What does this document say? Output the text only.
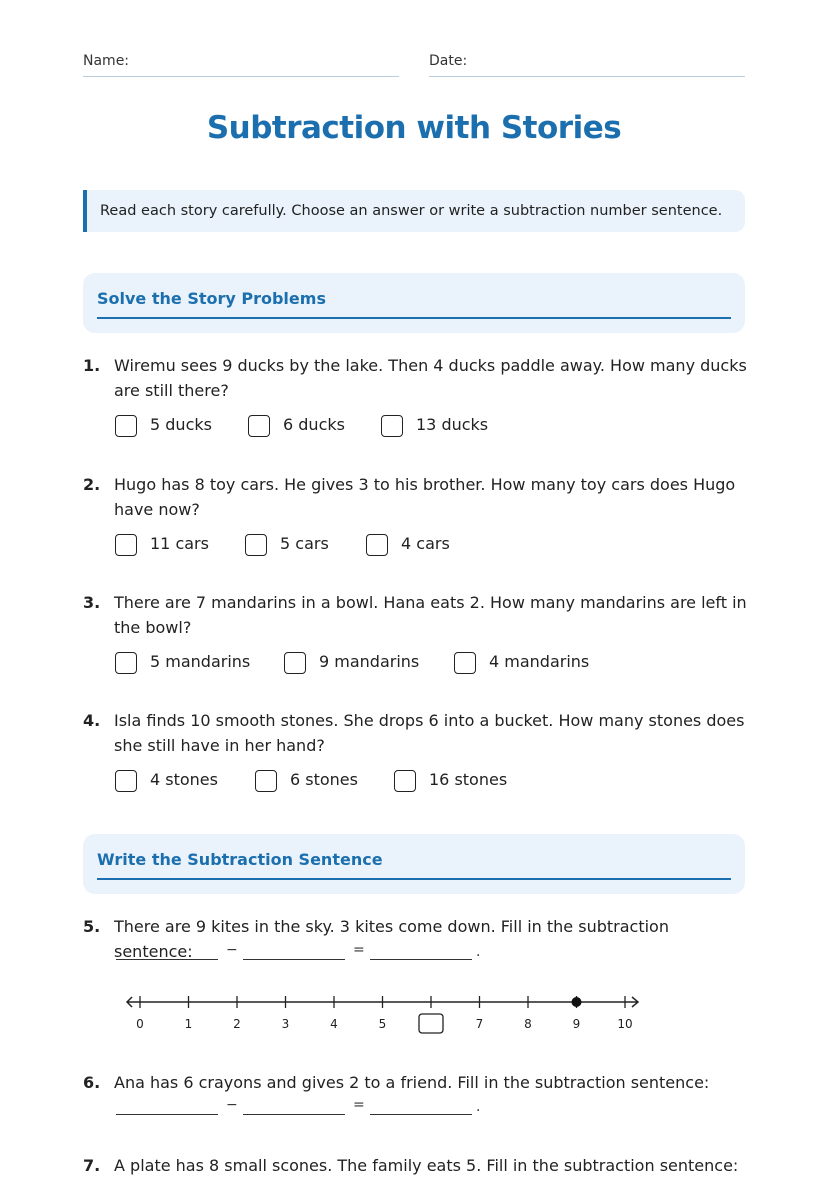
Name:	Date:
Subtraction with Stories
Read each story carefully. Choose an answer or write a subtraction number sentence.
Solve the Story Problems
1. Wiremu sees 9 ducks by the lake. Then 4 ducks paddle away. How many ducks are still there?
5 ducks	6 ducks	13 ducks
2. Hugo has 8 toy cars. He gives 3 to his brother. How many toy cars does Hugo have now?
11 cars	5 cars	4 cars
3. There are 7 mandarins in a bowl. Hana eats 2. How many mandarins are left in the bowl?
5 mandarins	9 mandarins	4 mandarins
4. Isla finds 10 smooth stones. She drops 6 into a bucket. How many stones does she still have in her hand?
4 stones	6 stones	16 stones
Write the Subtraction Sentence
5. There are 9 kites in the sky. 3 kites come down. Fill in the subtraction sentence:	−	=	.
0	1	2	3	4	5	7	8	9	10
6. Ana has 6 crayons and gives 2 to a friend. Fill in the subtraction sentence:
−	=	.
7. A plate has 8 small scones. The family eats 5. Fill in the subtraction sentence:
